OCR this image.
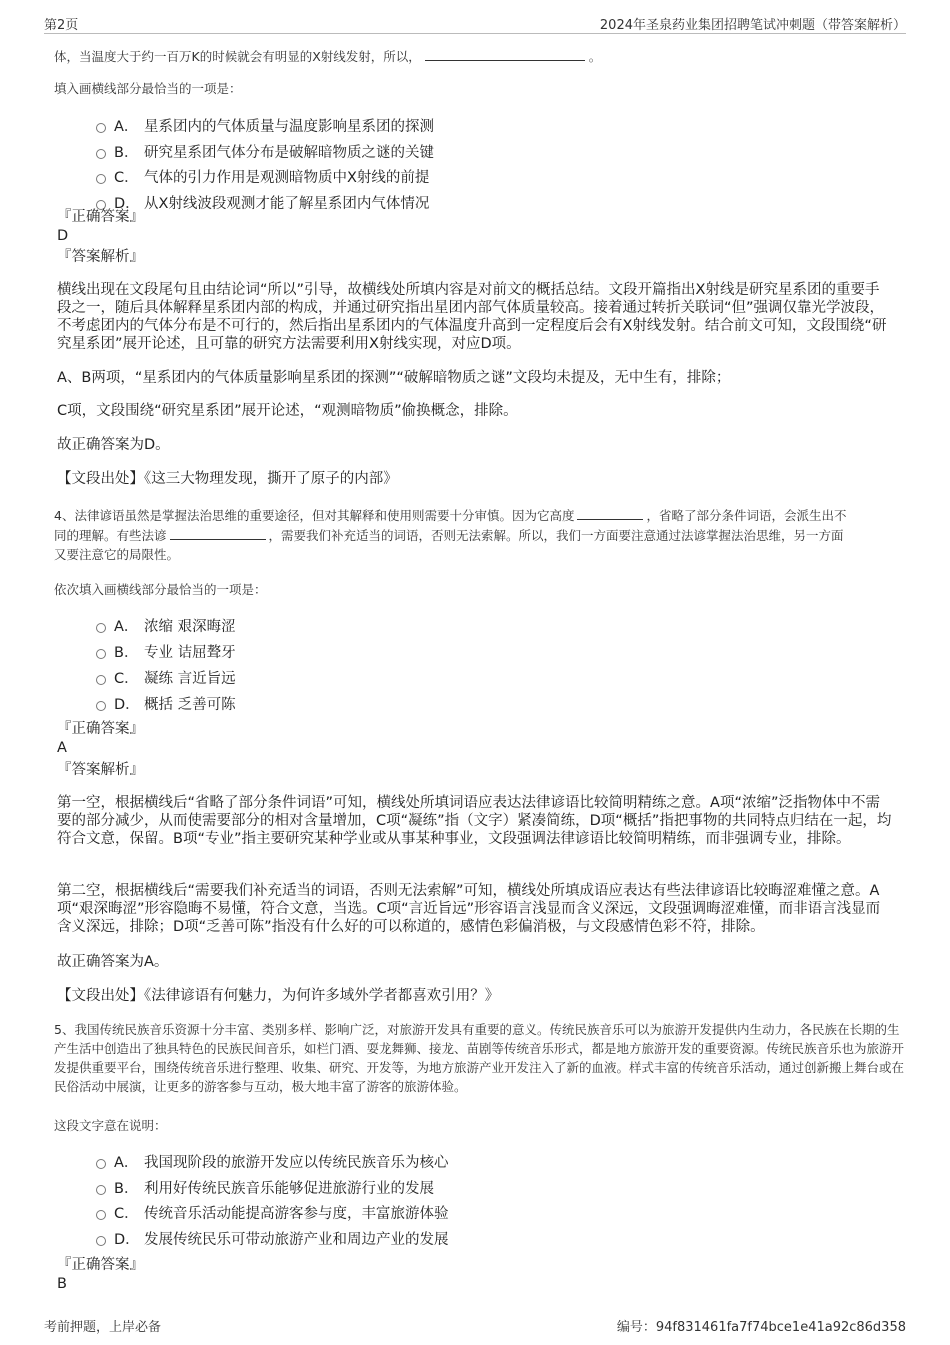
第2页	2024年圣泉药业集团招聘笔试冲刺题（带答案解析）
体，当温度大于约一百万K的时候就会有明显的X射线发射，所以，	。
填入画横线部分最恰当的一项是：
A． 星系团内的气体质量与温度影响星系团的探测
B． 研究星系团气体分布是破解暗物质之谜的关键
C． 气体的引力作用是观测暗物质中X射线的前提
D． 从X射线波段观测才能了解星系团内气体情况
『正确答案』
D
『答案解析』
横线出现在文段尾句且由结论词“所以”引导，故横线处所填内容是对前文的概括总结。文段开篇指出X射线是研究星系团的重要手段之一，随后具体解释星系团内部的构成，并通过研究指出星团内部气体质量较高。接着通过转折关联词“但”强调仅靠光学波段，不考虑团内的气体分布是不可行的，然后指出星系团内的气体温度升高到一定程度后会有X射线发射。结合前文可知，文段围绕“研究星系团”展开论述，且可靠的研究方法需要利用X射线实现，对应D项。
A、B两项，“星系团内的气体质量影响星系团的探测”“破解暗物质之谜”文段均未提及，无中生有，排除；
C项，文段围绕“研究星系团”展开论述，“观测暗物质”偷换概念，排除。
故正确答案为D。
【文段出处】《这三大物理发现，撕开了原子的内部》
4、法律谚语虽然是掌握法治思维的重要途径，但对其解释和使用则需要十分审慎。因为它高度	，省略了部分条件词语，会派生出不
同的理解。有些法谚	，需要我们补充适当的词语，否则无法索解。所以，我们一方面要注意通过法谚掌握法治思维，另一方面
又要注意它的局限性。
依次填入画横线部分最恰当的一项是：
A． 浓缩 艰深晦涩
B． 专业 诘屈聱牙
C． 凝练 言近旨远
D． 概括 乏善可陈
『正确答案』
A
『答案解析』
第一空，根据横线后“省略了部分条件词语”可知，横线处所填词语应表达法律谚语比较简明精练之意。A项“浓缩”泛指物体中不需要的部分减少，从而使需要部分的相对含量增加，C项“凝练”指（文字）紧凑简练，D项“概括”指把事物的共同特点归结在一起，均符合文意，保留。B项“专业”指主要研究某种学业或从事某种事业，文段强调法律谚语比较简明精练，而非强调专业，排除。
第二空，根据横线后“需要我们补充适当的词语，否则无法索解”可知，横线处所填成语应表达有些法律谚语比较晦涩难懂之意。A项“艰深晦涩”形容隐晦不易懂，符合文意，当选。C项“言近旨远”形容语言浅显而含义深远，文段强调晦涩难懂，而非语言浅显而含义深远，排除；D项“乏善可陈”指没有什么好的可以称道的，感情色彩偏消极，与文段感情色彩不符，排除。
故正确答案为A。
【文段出处】《法律谚语有何魅力，为何许多域外学者都喜欢引用？》
5、我国传统民族音乐资源十分丰富、类别多样、影响广泛，对旅游开发具有重要的意义。传统民族音乐可以为旅游开发提供内生动力，各民族在长期的生产生活中创造出了独具特色的民族民间音乐，如栏门酒、耍龙舞狮、接龙、苗剧等传统音乐形式，都是地方旅游开发的重要资源。传统民族音乐也为旅游开发提供重要平台，围绕传统音乐进行整理、收集、研究、开发等，为地方旅游产业开发注入了新的血液。样式丰富的传统音乐活动，通过创新搬上舞台或在民俗活动中展演，让更多的游客参与互动，极大地丰富了游客的旅游体验。
这段文字意在说明：
A． 我国现阶段的旅游开发应以传统民族音乐为核心
B． 利用好传统民族音乐能够促进旅游行业的发展
C． 传统音乐活动能提高游客参与度，丰富旅游体验
D． 发展传统民乐可带动旅游产业和周边产业的发展
『正确答案』
B
考前押题，上岸必备	编号：94f831461fa7f74bce1e41a92c86d358
